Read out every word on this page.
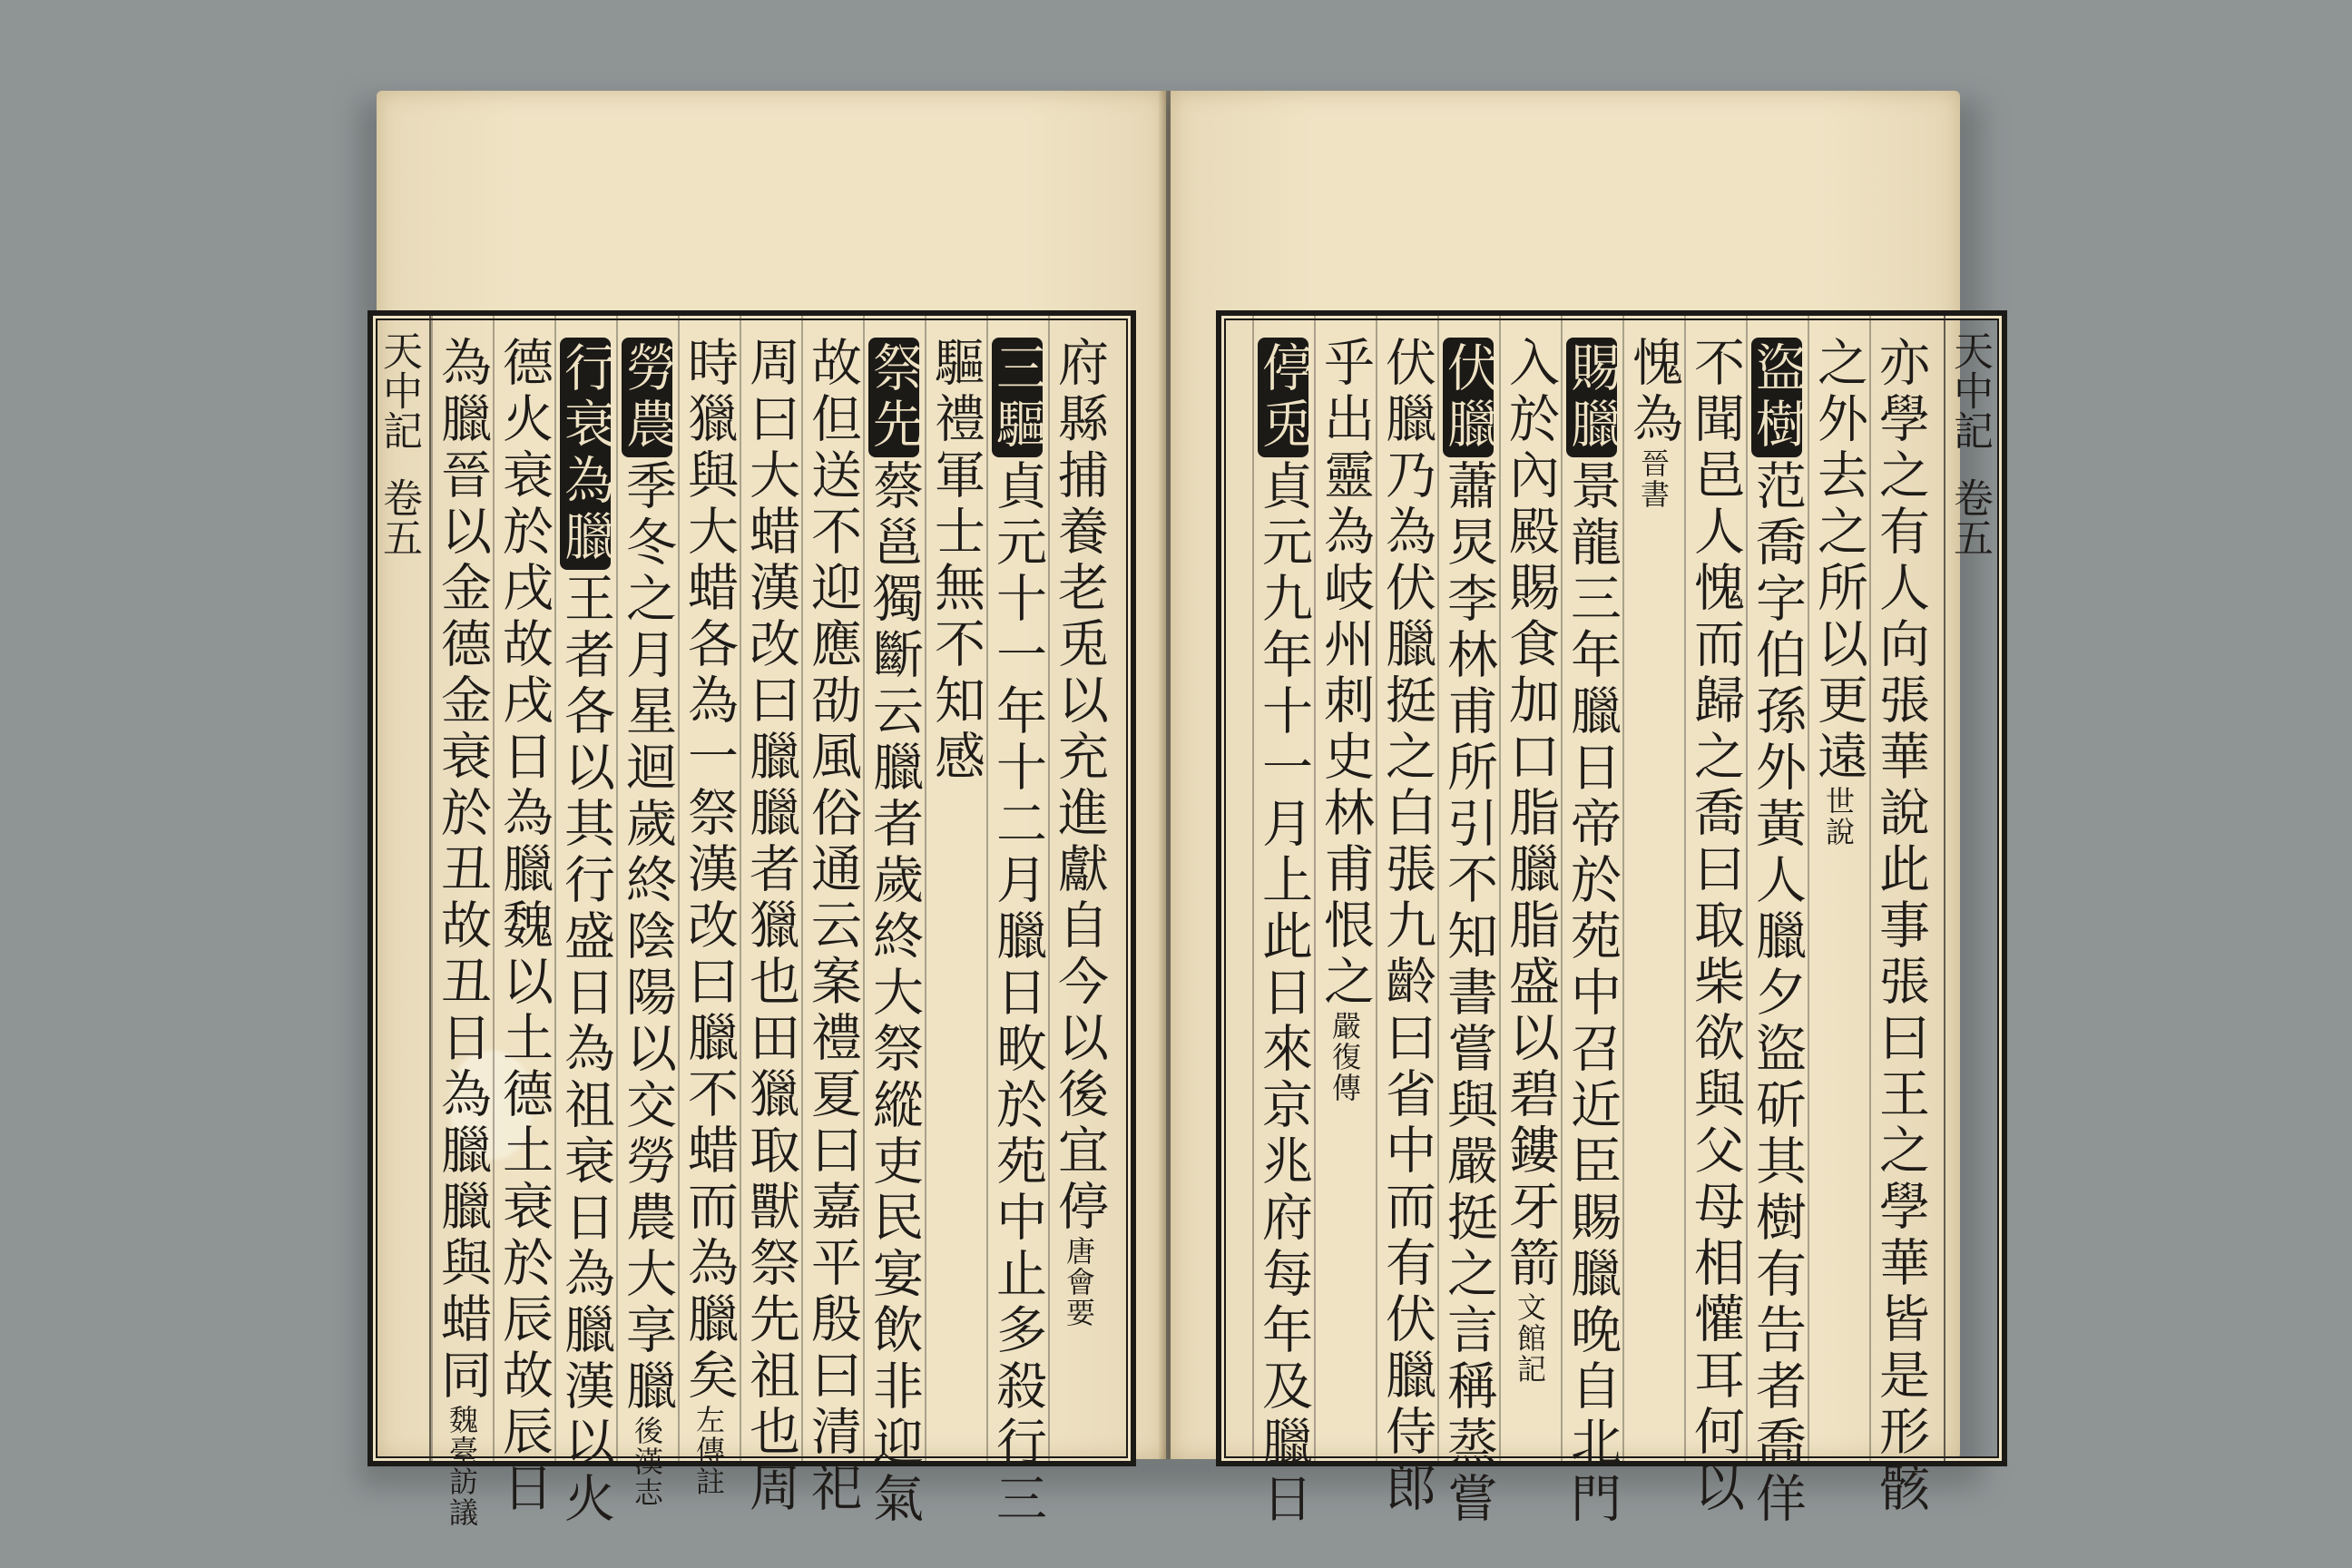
天中記卷五	府縣捕養老兎以充進獻自今以後宜停唐會要
三驅貞元十一年十二月臘日畋於苑中止多殺行三
驅禮軍士無不知感
祭先蔡邕獨斷云臘者歲終大祭縱吏民宴飲非迎氣
故但送不迎應劭風俗通云案禮夏曰嘉平殷曰清祀
周曰大蜡漢改曰臘臘者獵也田獵取獸祭先祖也周
時獵與大蜡各為一祭漢改曰臘不蜡而為臘矣左傳註
勞農季冬之月星迴歲終陰陽以交勞農大享臘後漢志
行衰為臘王者各以其行盛日為祖衰日為臘漢以火
德火衰於戌故戌日為臘魏以土德土衰於辰故辰日
為臘晉以金德金衰於丑故丑日為臘臘與蜡同魏臺訪議
天中記卷五
亦學之有人向張華說此事張曰王之學華皆是形骸
之外去之所以更遠世說
盜樹范喬字伯孫外黃人臘夕盜斫其樹有告者喬佯
不聞邑人愧而歸之喬曰取柴欲與父母相懽耳何以
愧為晉書
賜臘景龍三年臘日帝於苑中召近臣賜臘晚自北門
入於內殿賜食加口脂臘脂盛以碧鏤牙箭文館記
伏臘蕭炅李林甫所引不知書嘗與嚴挺之言稱蒸嘗
伏臘乃為伏臘挺之白張九齡曰省中而有伏臘侍郎
乎出靈為岐州刺史林甫恨之嚴復傳
停兎貞元九年十一月上此日來京兆府每年及臘日
